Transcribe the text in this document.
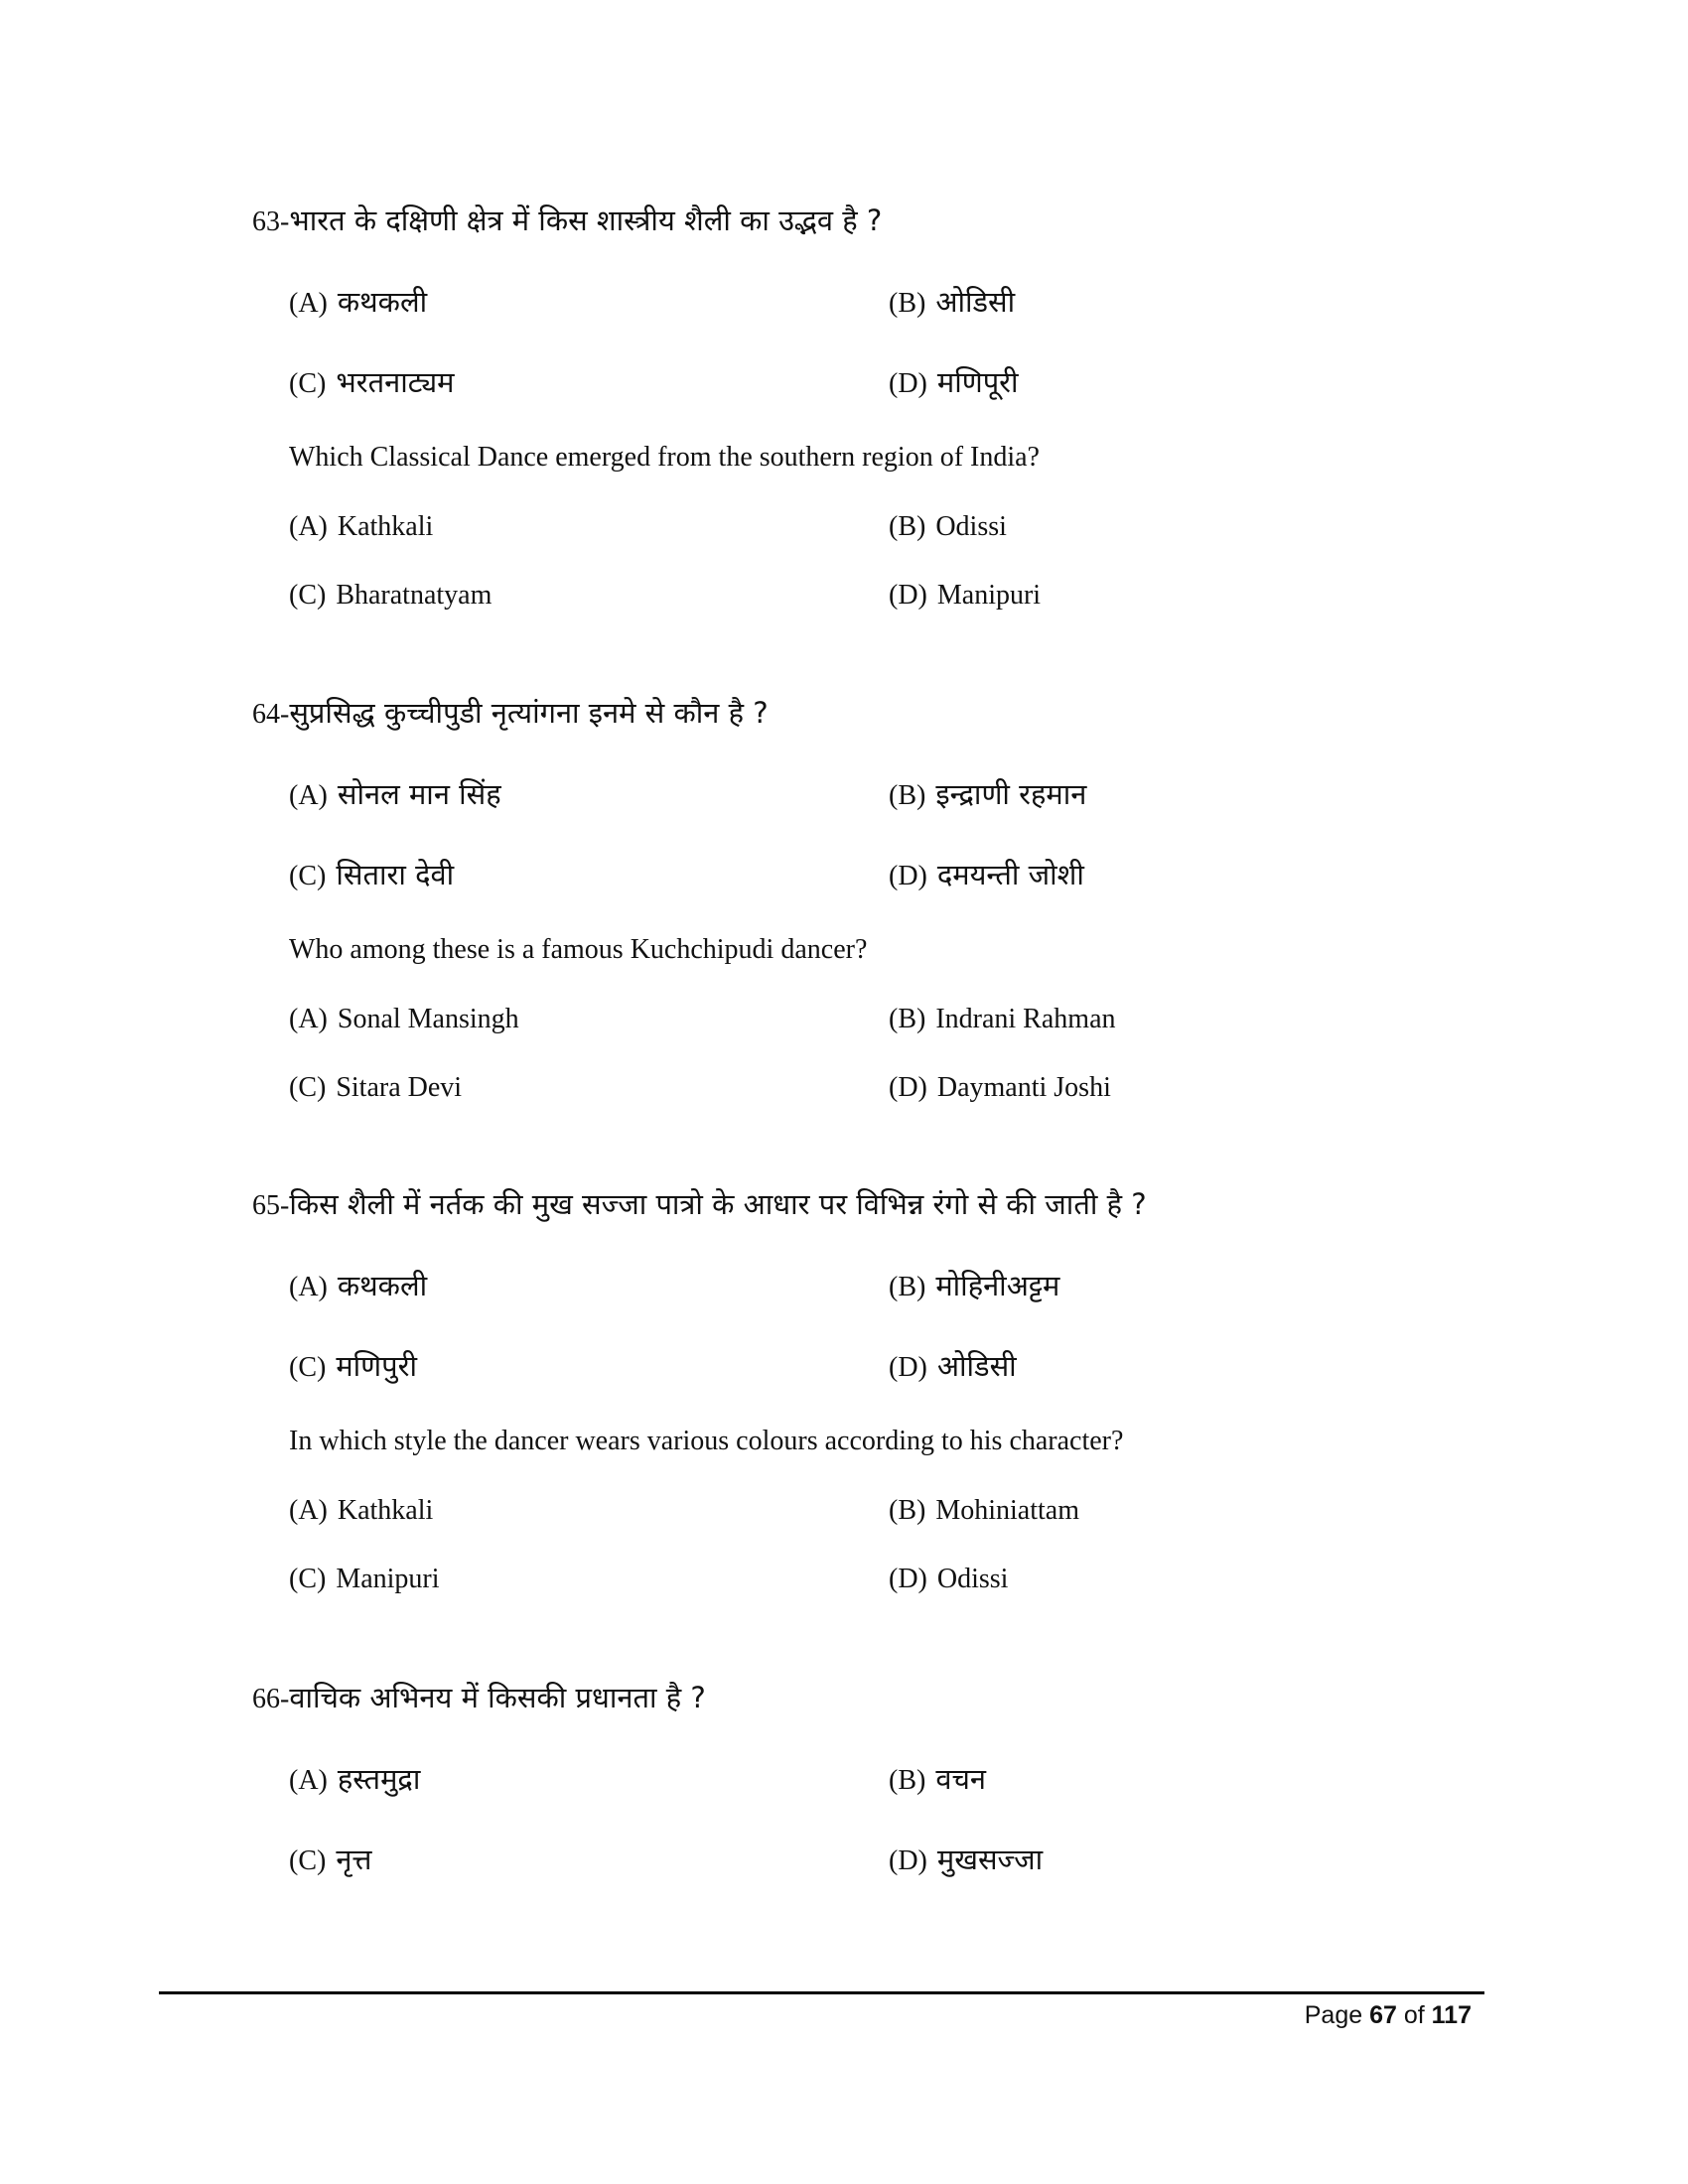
63-भारत के दक्षिणी क्षेत्र में किस शास्त्रीय शैली का उद्भव है ?
(A) कथकली	(B) ओडिसी
(C) भरतनाट्यम	(D) मणिपूरी
Which Classical Dance emerged from the southern region of India?
(A) Kathkali	(B) Odissi
(C) Bharatnatyam	(D) Manipuri
64-सुप्रसिद्ध कुच्चीपुडी नृत्यांगना इनमे से कौन है ?
(A) सोनल मान सिंह	(B) इन्द्राणी रहमान
(C) सितारा देवी	(D) दमयन्ती जोशी
Who among these is a famous Kuchchipudi dancer?
(A) Sonal Mansingh	(B) Indrani Rahman
(C) Sitara Devi	(D) Daymanti Joshi
65-किस शैली में नर्तक की मुख सज्जा पात्रो के आधार पर विभिन्न रंगो से की जाती है ?
(A) कथकली	(B) मोहिनीअट्टम
(C) मणिपुरी	(D) ओडिसी
In which style the dancer wears various colours according to his character?
(A) Kathkali	(B) Mohiniattam
(C) Manipuri	(D) Odissi
66-वाचिक अभिनय में किसकी प्रधानता है ?
(A) हस्तमुद्रा	(B) वचन
(C) नृत्त	(D) मुखसज्जा
Page 67 of 117
